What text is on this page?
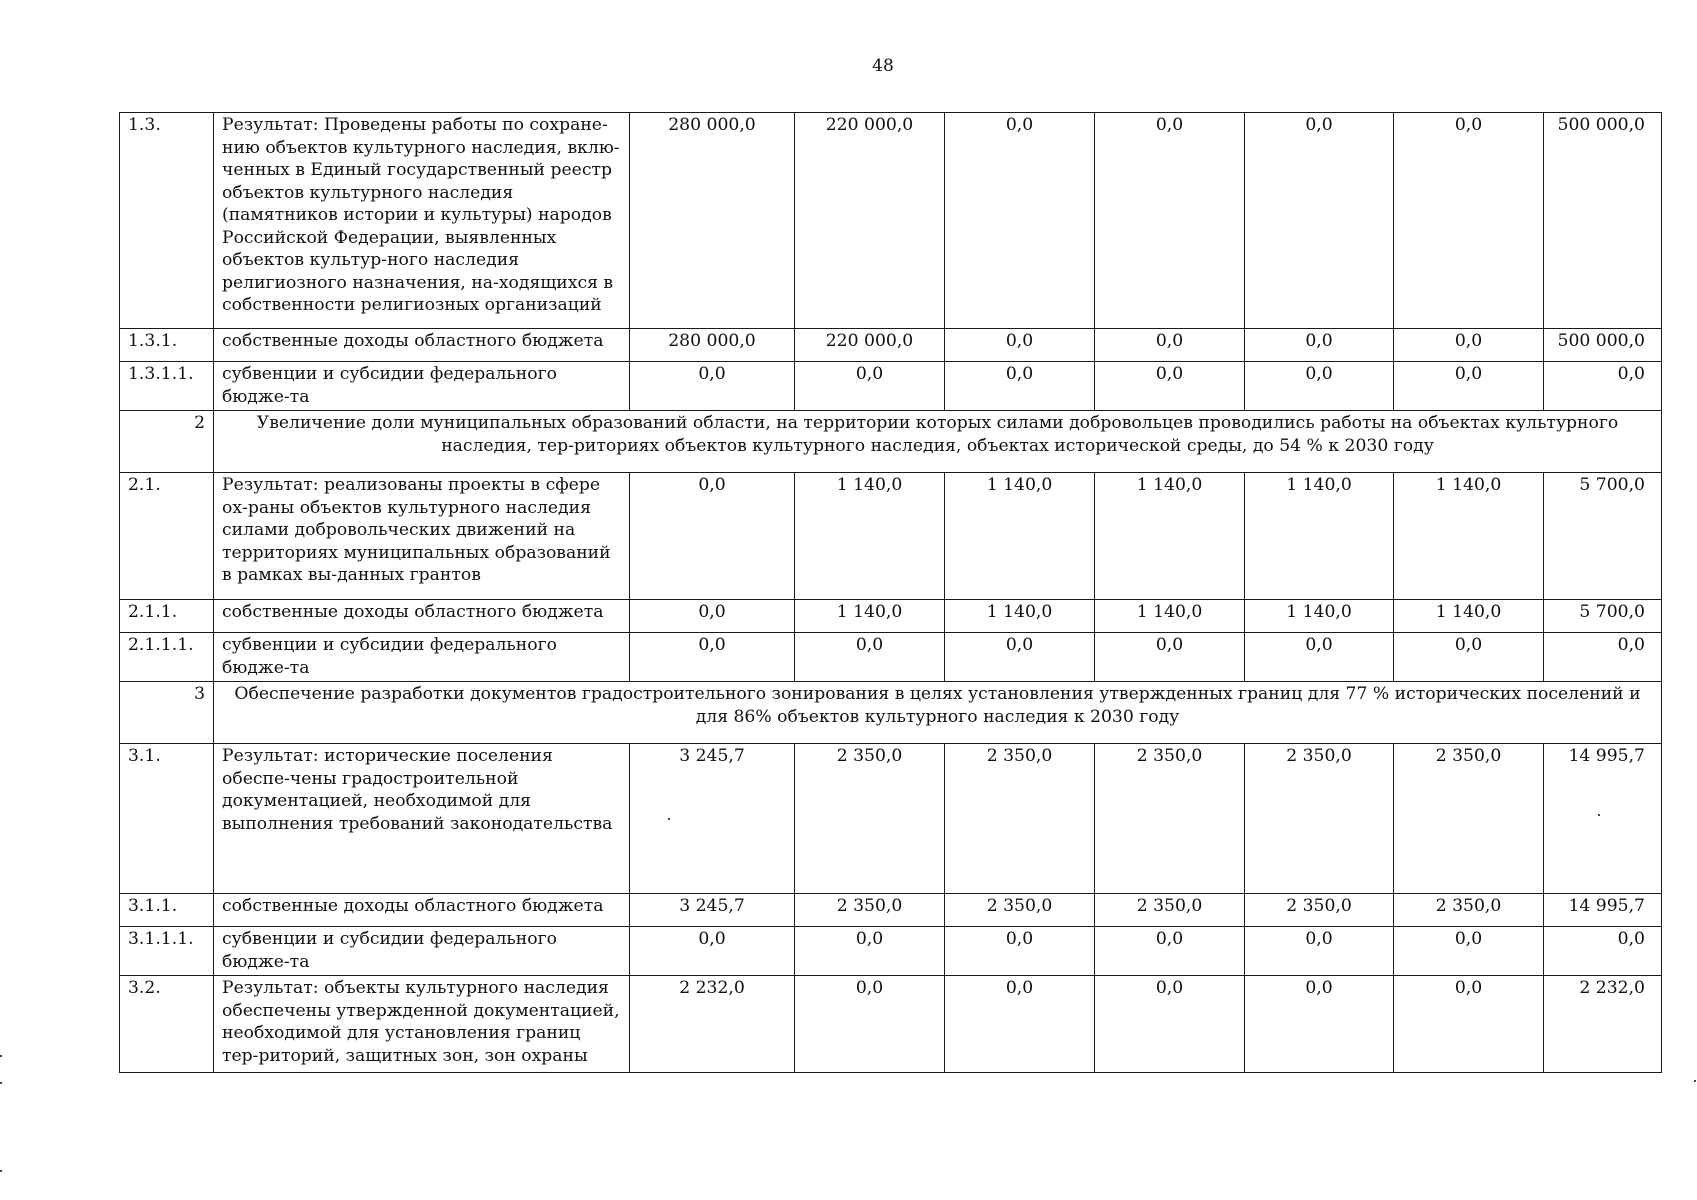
48
1.3.	Результат: Проведены работы по сохране-нию объектов культурного наследия, вклю-ченных в Единый государственный реестр объектов культурного наследия (памятников истории и культуры) народов Российской Федерации, выявленных объектов культур-ного наследия религиозного назначения, на-ходящихся в собственности религиозных организаций	280 000,0	220 000,0	0,0	0,0	0,0	0,0	500 000,0
1.3.1.	собственные доходы областного бюджета	280 000,0	220 000,0	0,0	0,0	0,0	0,0	500 000,0
1.3.1.1.	субвенции и субсидии федерального бюдже-та	0,0	0,0	0,0	0,0	0,0	0,0	0,0
2	Увеличение доли муниципальных образований области, на территории которых силами добровольцев проводились работы на объектах культурного наследия, тер-риториях объектов культурного наследия, объектах исторической среды, до 54 % к 2030 году							
2.1.	Результат: реализованы проекты в сфере ох-раны объектов культурного наследия силами добровольческих движений на территориях муниципальных образований в рамках вы-данных грантов	0,0	1 140,0	1 140,0	1 140,0	1 140,0	1 140,0	5 700,0
2.1.1.	собственные доходы областного бюджета	0,0	1 140,0	1 140,0	1 140,0	1 140,0	1 140,0	5 700,0
2.1.1.1.	субвенции и субсидии федерального бюдже-та	0,0	0,0	0,0	0,0	0,0	0,0	0,0
3	Обеспечение разработки документов градостроительного зонирования в целях установления утвержденных границ для 77 % исторических поселений и для 86% объектов культурного наследия к 2030 году							
3.1.	Результат: исторические поселения обеспе-чены градостроительной документацией, необходимой для выполнения требований законодательства	3 245,7	2 350,0	2 350,0	2 350,0	2 350,0	2 350,0	14 995,7
3.1.1.	собственные доходы областного бюджета	3 245,7	2 350,0	2 350,0	2 350,0	2 350,0	2 350,0	14 995,7
3.1.1.1.	субвенции и субсидии федерального бюдже-та	0,0	0,0	0,0	0,0	0,0	0,0	0,0
3.2.	Результат: объекты культурного наследия обеспечены утвержденной документацией, необходимой для установления границ тер-риторий, защитных зон, зон охраны	2 232,0	0,0	0,0	0,0	0,0	0,0	2 232,0
